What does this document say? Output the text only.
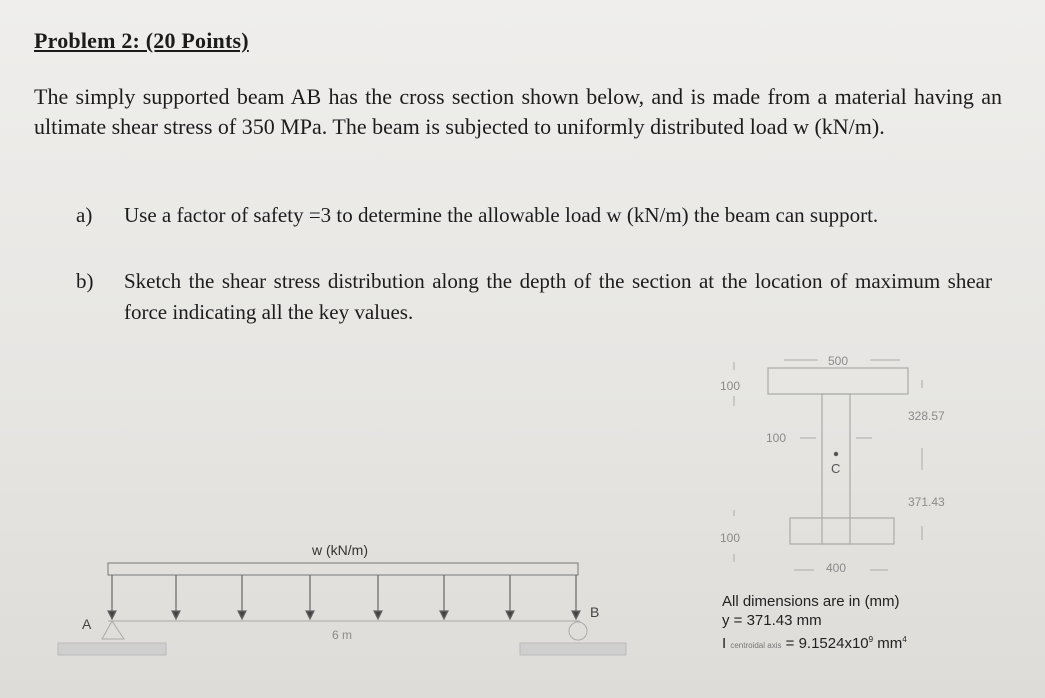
Problem 2: (20 Points)
The simply supported beam AB has the cross section shown below, and is made from a material having an ultimate shear stress of 350 MPa. The beam is subjected to uniformly distributed load w (kN/m).
a) Use a factor of safety =3 to determine the allowable load w (kN/m) the beam can support.
b) Sketch the shear stress distribution along the depth of the section at the location of maximum shear force indicating all the key values.
w (kN/m)
A
B
6 m
500
100
100
100
400
328.57
371.43
C
All dimensions are in (mm)
y = 371.43 mm
I centroidal axis = $9.1524x10^9$ $mm^4$
